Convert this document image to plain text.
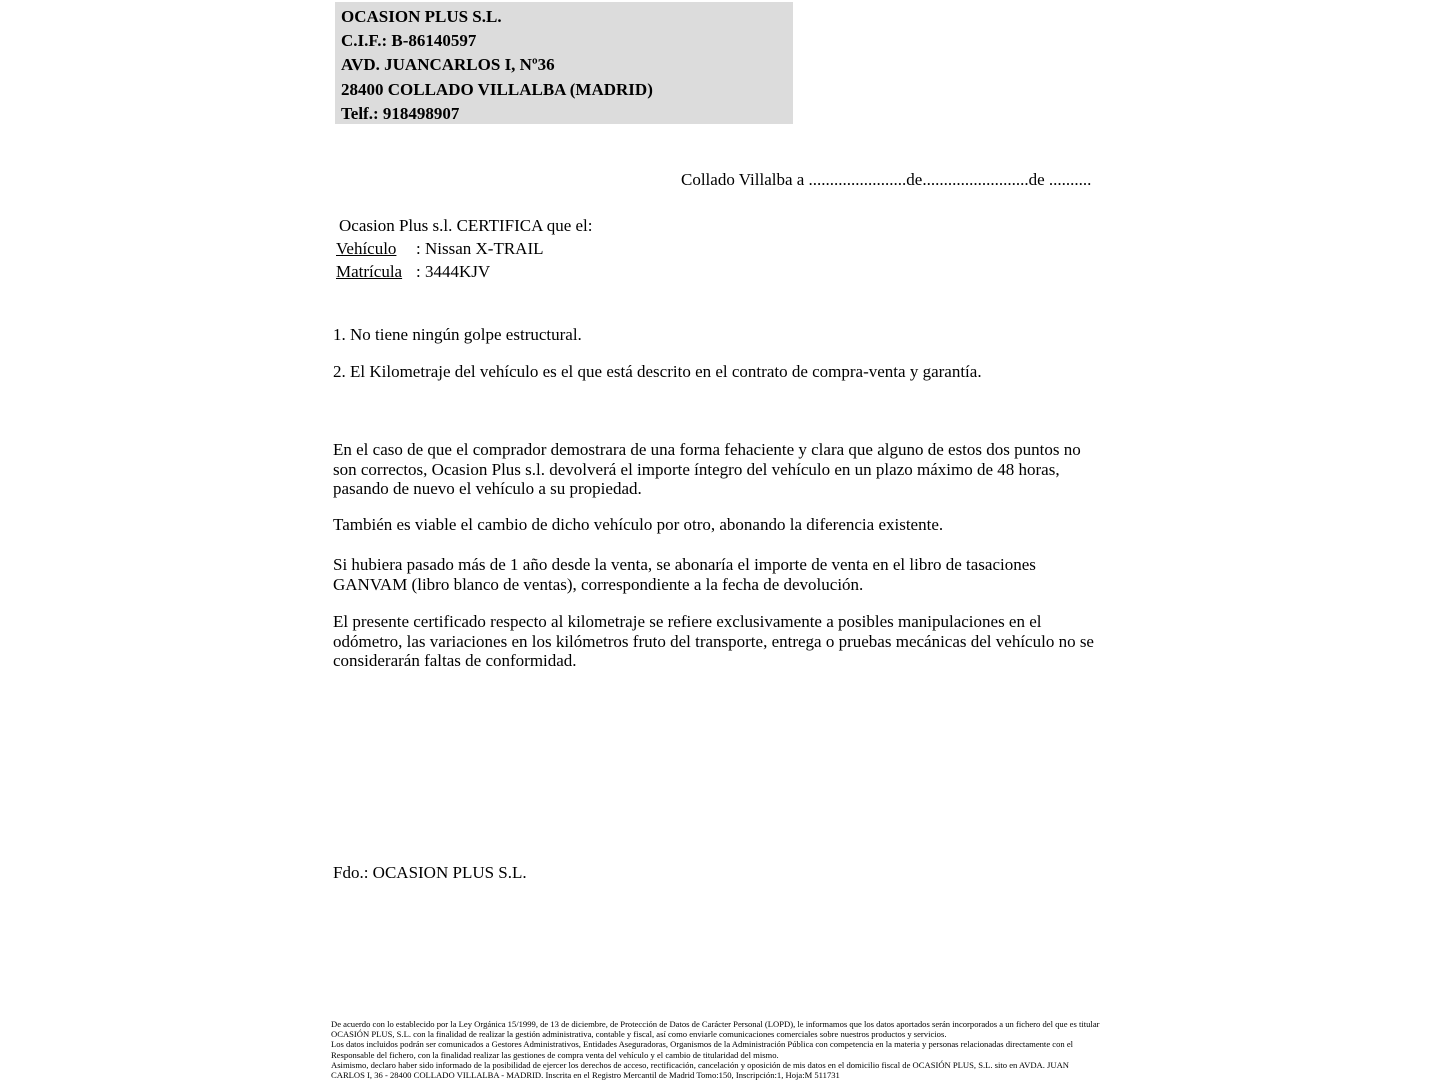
OCASION PLUS S.L.
C.I.F.: B-86140597
AVD. JUANCARLOS I, Nº36
28400 COLLADO VILLALBA (MADRID)
Telf.: 918498907
Collado Villalba a .......................de.........................de ..........
Ocasion Plus s.l. CERTIFICA que el:
Vehículo : Nissan X-TRAIL
Matrícula : 3444KJV
1. No tiene ningún golpe estructural.
2. El Kilometraje del vehículo es el que está descrito en el contrato de compra-venta y garantía.
En el caso de que el comprador demostrara de una forma fehaciente y clara que alguno de estos dos puntos no son correctos, Ocasion Plus s.l. devolverá el importe íntegro del vehículo en un plazo máximo de 48 horas, pasando de nuevo el vehículo a su propiedad.
También es viable el cambio de dicho vehículo por otro, abonando la diferencia existente.
Si hubiera pasado más de 1 año desde la venta, se abonaría el importe de venta en el libro de tasaciones GANVAM (libro blanco de ventas), correspondiente a la fecha de devolución.
El presente certificado respecto al kilometraje se refiere exclusivamente a posibles manipulaciones en el odómetro, las variaciones en los kilómetros fruto del transporte, entrega o pruebas mecánicas del vehículo no se considerarán faltas de conformidad.
Fdo.: OCASION PLUS S.L.
De acuerdo con lo establecido por la Ley Orgánica 15/1999, de 13 de diciembre, de Protección de Datos de Carácter Personal (LOPD), le informamos que los datos aportados serán incorporados a un fichero del que es titular
OCASIÓN PLUS, S.L. con la finalidad de realizar la gestión administrativa, contable y fiscal, así como enviarle comunicaciones comerciales sobre nuestros productos y servicios.
Los datos incluidos podrán ser comunicados a Gestores Administrativos, Entidades Aseguradoras, Organismos de la Administración Pública con competencia en la materia y personas relacionadas directamente con el
Responsable del fichero, con la finalidad realizar las gestiones de compra venta del vehículo y el cambio de titularidad del mismo.
Asimismo, declaro haber sido informado de la posibilidad de ejercer los derechos de acceso, rectificación, cancelación y oposición de mis datos en el domicilio fiscal de OCASIÓN PLUS, S.L. sito en AVDA. JUAN
CARLOS I, 36 - 28400 COLLADO VILLALBA - MADRID. Inscrita en el Registro Mercantil de Madrid Tomo:150, Inscripción:1, Hoja:M 511731
